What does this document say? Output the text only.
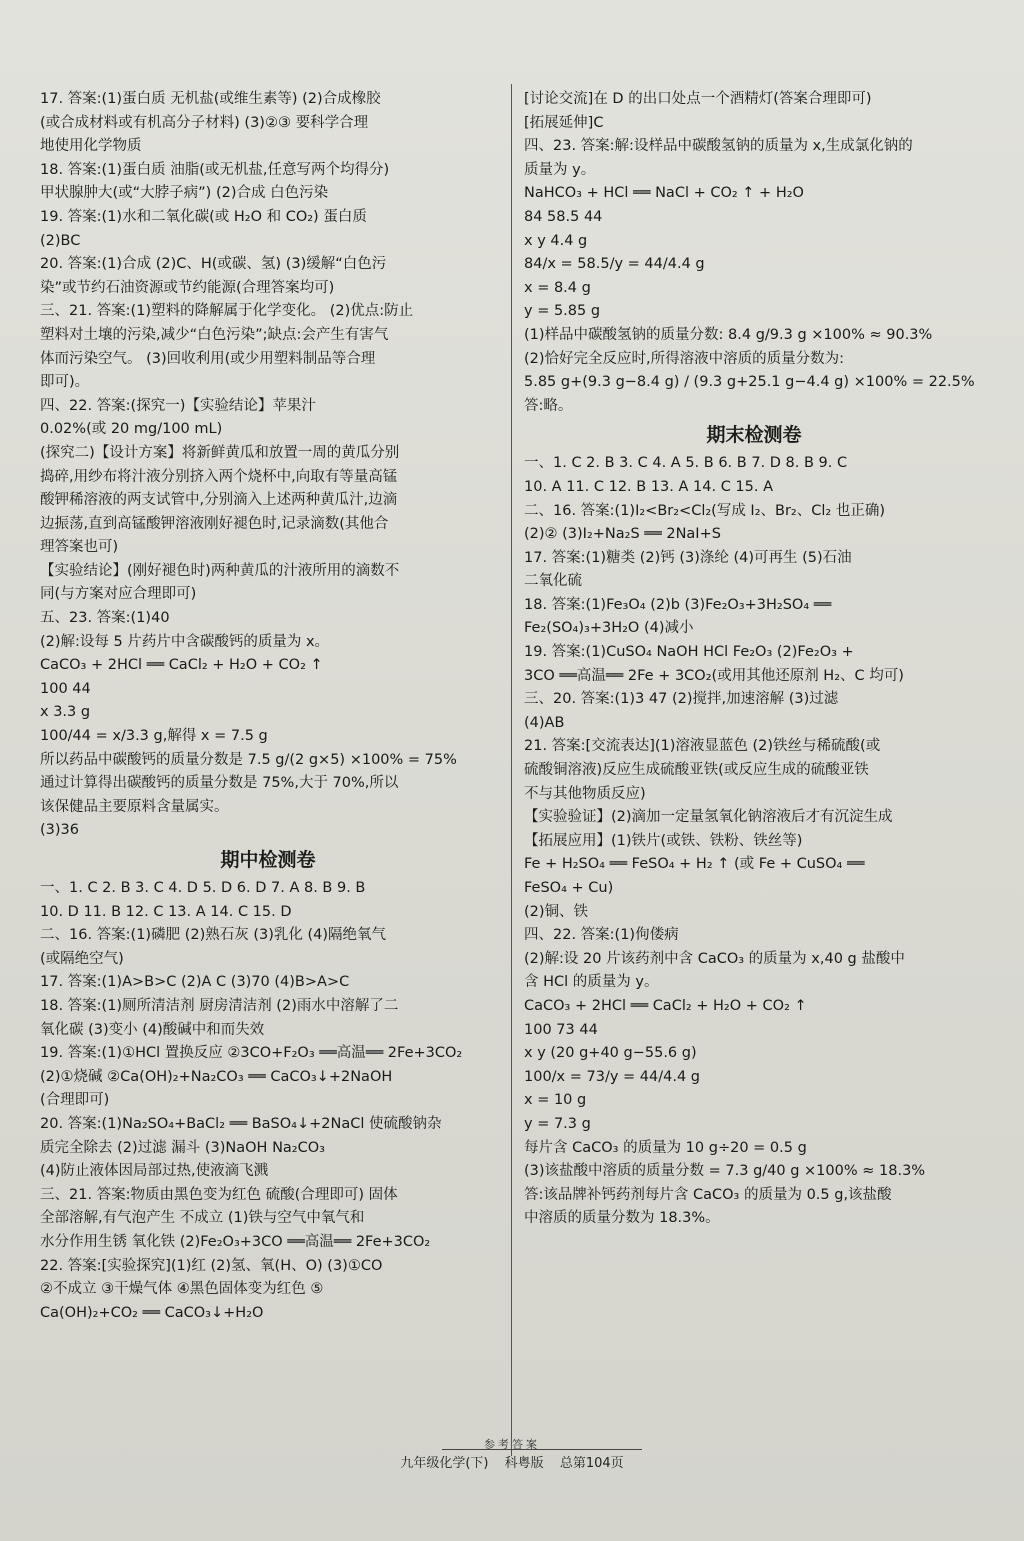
17. 答案:(1)蛋白质 无机盐(或维生素等) (2)合成橡胶
(或合成材料或有机高分子材料) (3)②③ 要科学合理
地使用化学物质
18. 答案:(1)蛋白质 油脂(或无机盐,任意写两个均得分)
甲状腺肿大(或“大脖子病”) (2)合成 白色污染
19. 答案:(1)水和二氧化碳(或 H₂O 和 CO₂) 蛋白质
(2)BC
20. 答案:(1)合成 (2)C、H(或碳、氢) (3)缓解“白色污
染”或节约石油资源或节约能源(合理答案均可)
三、21. 答案:(1)塑料的降解属于化学变化。 (2)优点:防止
塑料对土壤的污染,减少“白色污染”;缺点:会产生有害气
体而污染空气。 (3)回收利用(或少用塑料制品等合理
即可)。
四、22. 答案:(探究一)【实验结论】苹果汁
0.02%(或 20 mg/100 mL)
(探究二)【设计方案】将新鲜黄瓜和放置一周的黄瓜分别
捣碎,用纱布将汁液分别挤入两个烧杯中,向取有等量高锰
酸钾稀溶液的两支试管中,分别滴入上述两种黄瓜汁,边滴
边振荡,直到高锰酸钾溶液刚好褪色时,记录滴数(其他合
理答案也可)
【实验结论】(刚好褪色时)两种黄瓜的汁液所用的滴数不
同(与方案对应合理即可)
五、23. 答案:(1)40
(2)解:设每 5 片药片中含碳酸钙的质量为 x。
CaCO₃ + 2HCl ══ CaCl₂ + H₂O + CO₂ ↑
100 44
x 3.3 g
100/44 = x/3.3 g,解得 x = 7.5 g
所以药品中碳酸钙的质量分数是 7.5 g/(2 g×5) ×100% = 75%
通过计算得出碳酸钙的质量分数是 75%,大于 70%,所以
该保健品主要原料含量属实。
(3)36
期中检测卷
一、1. C 2. B 3. C 4. D 5. D 6. D 7. A 8. B 9. B
10. D 11. B 12. C 13. A 14. C 15. D
二、16. 答案:(1)磷肥 (2)熟石灰 (3)乳化 (4)隔绝氧气
(或隔绝空气)
17. 答案:(1)A>B>C (2)A C (3)70 (4)B>A>C
18. 答案:(1)厕所清洁剂 厨房清洁剂 (2)雨水中溶解了二
氧化碳 (3)变小 (4)酸碱中和而失效
19. 答案:(1)①HCl 置换反应 ②3CO+F₂O₃ ══高温══ 2Fe+3CO₂
(2)①烧碱 ②Ca(OH)₂+Na₂CO₃ ══ CaCO₃↓+2NaOH
(合理即可)
20. 答案:(1)Na₂SO₄+BaCl₂ ══ BaSO₄↓+2NaCl 使硫酸钠杂
质完全除去 (2)过滤 漏斗 (3)NaOH Na₂CO₃
(4)防止液体因局部过热,使液滴飞溅
三、21. 答案:物质由黑色变为红色 硫酸(合理即可) 固体
全部溶解,有气泡产生 不成立 (1)铁与空气中氧气和
水分作用生锈 氧化铁 (2)Fe₂O₃+3CO ══高温══ 2Fe+3CO₂
22. 答案:[实验探究](1)红 (2)氢、氧(H、O) (3)①CO
②不成立 ③干燥气体 ④黑色固体变为红色 ⑤
Ca(OH)₂+CO₂ ══ CaCO₃↓+H₂O
[讨论交流]在 D 的出口处点一个酒精灯(答案合理即可)
[拓展延伸]C
四、23. 答案:解:设样品中碳酸氢钠的质量为 x,生成氯化钠的
质量为 y。
NaHCO₃ + HCl ══ NaCl + CO₂ ↑ + H₂O
84 58.5 44
x y 4.4 g
84/x = 58.5/y = 44/4.4 g
x = 8.4 g
y = 5.85 g
(1)样品中碳酸氢钠的质量分数: 8.4 g/9.3 g ×100% ≈ 90.3%
(2)恰好完全反应时,所得溶液中溶质的质量分数为:
5.85 g+(9.3 g−8.4 g) / (9.3 g+25.1 g−4.4 g) ×100% = 22.5%
答:略。
期末检测卷
一、1. C 2. B 3. C 4. A 5. B 6. B 7. D 8. B 9. C
10. A 11. C 12. B 13. A 14. C 15. A
二、16. 答案:(1)I₂<Br₂<Cl₂(写成 I₂、Br₂、Cl₂ 也正确)
(2)② (3)I₂+Na₂S ══ 2NaI+S
17. 答案:(1)糖类 (2)钙 (3)涤纶 (4)可再生 (5)石油
二氧化硫
18. 答案:(1)Fe₃O₄ (2)b (3)Fe₂O₃+3H₂SO₄ ══
Fe₂(SO₄)₃+3H₂O (4)减小
19. 答案:(1)CuSO₄ NaOH HCl Fe₂O₃ (2)Fe₂O₃ +
3CO ══高温══ 2Fe + 3CO₂(或用其他还原剂 H₂、C 均可)
三、20. 答案:(1)3 47 (2)搅拌,加速溶解 (3)过滤
(4)AB
21. 答案:[交流表达](1)溶液显蓝色 (2)铁丝与稀硫酸(或
硫酸铜溶液)反应生成硫酸亚铁(或反应生成的硫酸亚铁
不与其他物质反应)
【实验验证】(2)滴加一定量氢氧化钠溶液后才有沉淀生成
【拓展应用】(1)铁片(或铁、铁粉、铁丝等)
Fe + H₂SO₄ ══ FeSO₄ + H₂ ↑ (或 Fe + CuSO₄ ══
FeSO₄ + Cu)
(2)铜、铁
四、22. 答案:(1)佝偻病
(2)解:设 20 片该药剂中含 CaCO₃ 的质量为 x,40 g 盐酸中
含 HCl 的质量为 y。
CaCO₃ + 2HCl ══ CaCl₂ + H₂O + CO₂ ↑
100 73 44
x y (20 g+40 g−55.6 g)
100/x = 73/y = 44/4.4 g
x = 10 g
y = 7.3 g
每片含 CaCO₃ 的质量为 10 g÷20 = 0.5 g
(3)该盐酸中溶质的质量分数 = 7.3 g/40 g ×100% ≈ 18.3%
答:该品牌补钙药剂每片含 CaCO₃ 的质量为 0.5 g,该盐酸
中溶质的质量分数为 18.3%。
参考答案
九年级化学(下) 科粤版 总第104页
